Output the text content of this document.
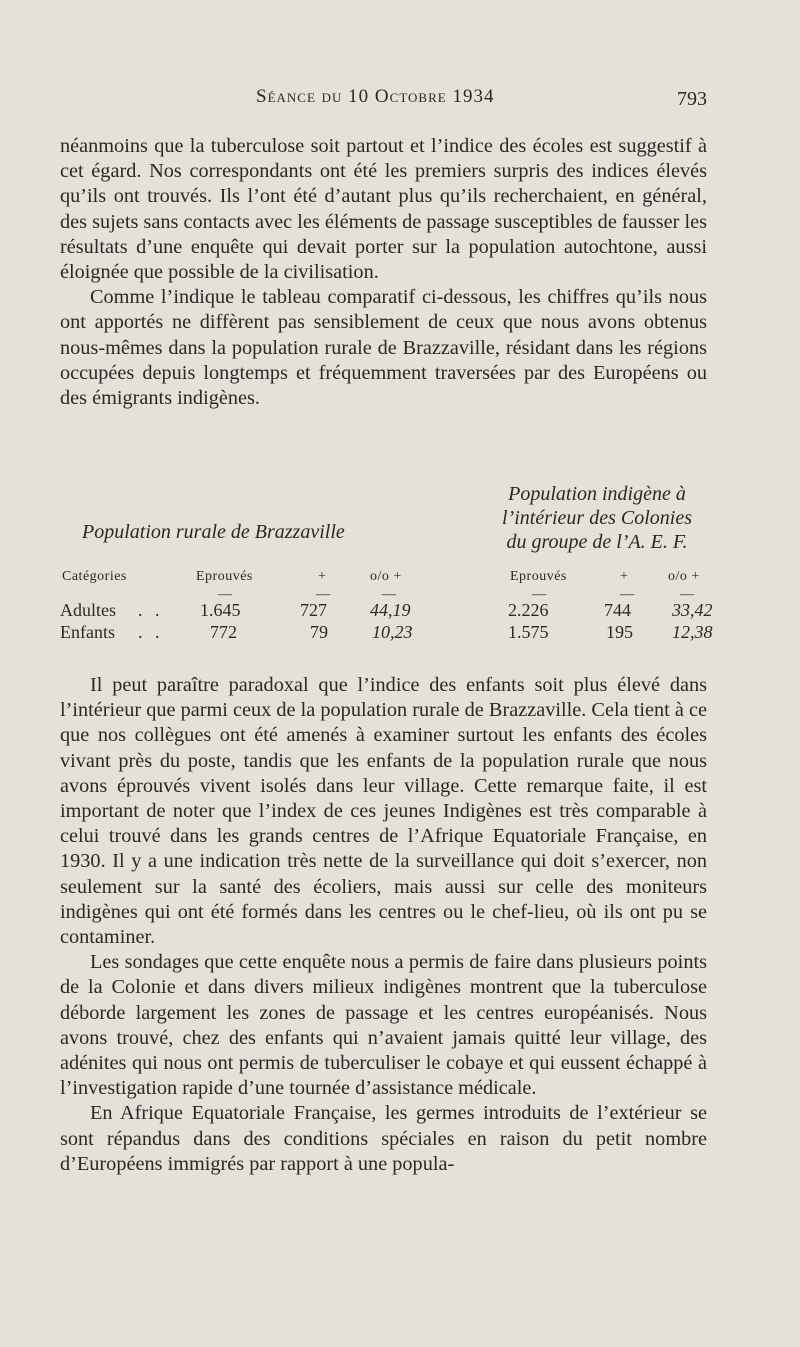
Séance du 10 Octobre 1934	793

néanmoins que la tuberculose soit partout et l’indice des écoles est suggestif à cet égard. Nos correspondants ont été les premiers surpris des indices élevés qu’ils ont trouvés. Ils l’ont été d’autant plus qu’ils recherchaient, en général, des sujets sans contacts avec les éléments de passage susceptibles de fausser les résultats d’une enquête qui devait porter sur la population autochtone, aussi éloignée que possible de la civilisation.

Comme l’indique le tableau comparatif ci-dessous, les chiffres qu’ils nous ont apportés ne diffèrent pas sensiblement de ceux que nous avons obtenus nous-mêmes dans la population rurale de Brazzaville, résidant dans les régions occupées depuis longtemps et fréquemment traversées par des Européens ou des émigrants indigènes.

Population rurale de Brazzaville
Population indigène à
l’intérieur des Colonies
du groupe de l’A. E. F.
Catégories	Eprouvés	+	o/o +	Eprouvés	+	o/o +
—	—	—	—	—	—
Adultes . . 1.645	727 44,19	2.226	744 33,42
Enfants . .	772	79 10,23	1.575	195 12,38

Il peut paraître paradoxal que l’indice des enfants soit plus élevé dans l’intérieur que parmi ceux de la population rurale de Brazzaville. Cela tient à ce que nos collègues ont été amenés à examiner surtout les enfants des écoles vivant près du poste, tandis que les enfants de la population rurale que nous avons éprouvés vivent isolés dans leur village. Cette remarque faite, il est important de noter que l’index de ces jeunes Indigènes est très comparable à celui trouvé dans les grands centres de l’Afrique Equatoriale Française, en 1930. Il y a une indication très nette de la surveillance qui doit s’exercer, non seulement sur la santé des écoliers, mais aussi sur celle des moniteurs indigènes qui ont été formés dans les centres ou le chef-lieu, où ils ont pu se contaminer.

Les sondages que cette enquête nous a permis de faire dans plusieurs points de la Colonie et dans divers milieux indigènes montrent que la tuberculose déborde largement les zones de passage et les centres européanisés. Nous avons trouvé, chez des enfants qui n’avaient jamais quitté leur village, des adénites qui nous ont permis de tuberculiser le cobaye et qui eussent échappé à l’investigation rapide d’une tournée d’assistance médicale.

En Afrique Equatoriale Française, les germes introduits de l’extérieur se sont répandus dans des conditions spéciales en raison du petit nombre d’Européens immigrés par rapport à une popula-
